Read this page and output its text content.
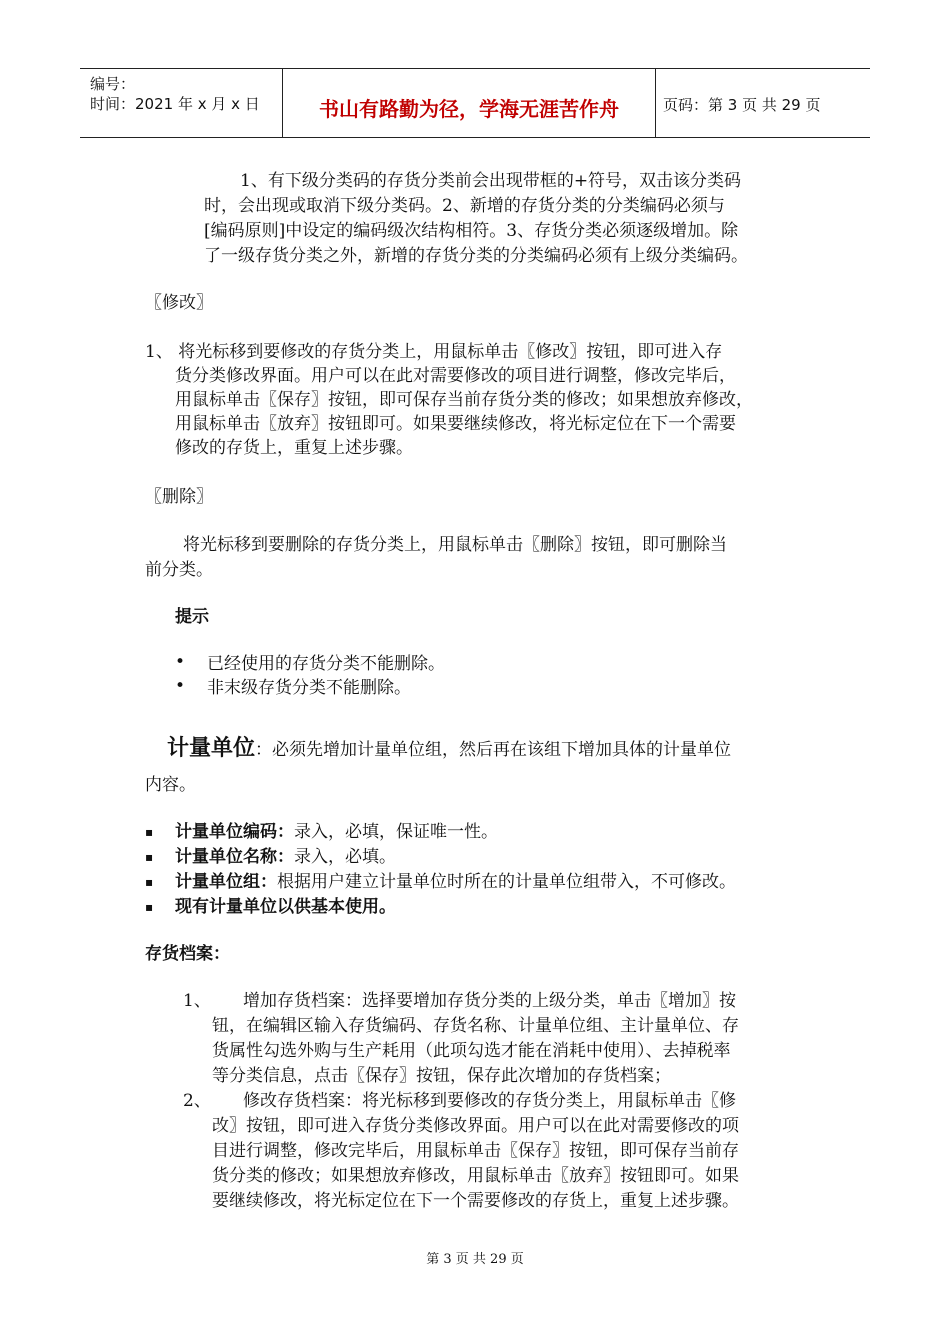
编号：
时间：2021 年 x 月 x 日	书山有路勤为径，学海无涯苦作舟	页码：第 3 页 共 29 页
1、有下级分类码的存货分类前会出现带框的+符号，双击该分类码
时，会出现或取消下级分类码。2、新增的存货分类的分类编码必须与
[编码原则]中设定的编码级次结构相符。3、存货分类必须逐级增加。除
了一级存货分类之外，新增的存货分类的分类编码必须有上级分类编码。
〖修改〗
1、 将光标移到要修改的存货分类上，用鼠标单击〖修改〗按钮，即可进入存
货分类修改界面。用户可以在此对需要修改的项目进行调整，修改完毕后，
用鼠标单击〖保存〗按钮，即可保存当前存货分类的修改；如果想放弃修改，
用鼠标单击〖放弃〗按钮即可。如果要继续修改，将光标定位在下一个需要
修改的存货上，重复上述步骤。
〖删除〗
将光标移到要删除的存货分类上，用鼠标单击〖删除〗按钮，即可删除当
前分类。
提示
• 已经使用的存货分类不能删除。
• 非末级存货分类不能删除。
计量单位：必须先增加计量单位组，然后再在该组下增加具体的计量单位
内容。
▪ 计量单位编码：录入，必填，保证唯一性。
▪ 计量单位名称：录入，必填。
▪ 计量单位组：根据用户建立计量单位时所在的计量单位组带入，不可修改。
▪ 现有计量单位以供基本使用。
存货档案：
1、 增加存货档案：选择要增加存货分类的上级分类，单击〖增加〗按
钮，在编辑区输入存货编码、存货名称、计量单位组、主计量单位、存
货属性勾选外购与生产耗用（此项勾选才能在消耗中使用）、去掉税率
等分类信息，点击〖保存〗按钮，保存此次增加的存货档案；
2、 修改存货档案：将光标移到要修改的存货分类上，用鼠标单击〖修
改〗按钮，即可进入存货分类修改界面。用户可以在此对需要修改的项
目进行调整，修改完毕后，用鼠标单击〖保存〗按钮，即可保存当前存
货分类的修改；如果想放弃修改，用鼠标单击〖放弃〗按钮即可。如果
要继续修改，将光标定位在下一个需要修改的存货上，重复上述步骤。
第 3 页 共 29 页
